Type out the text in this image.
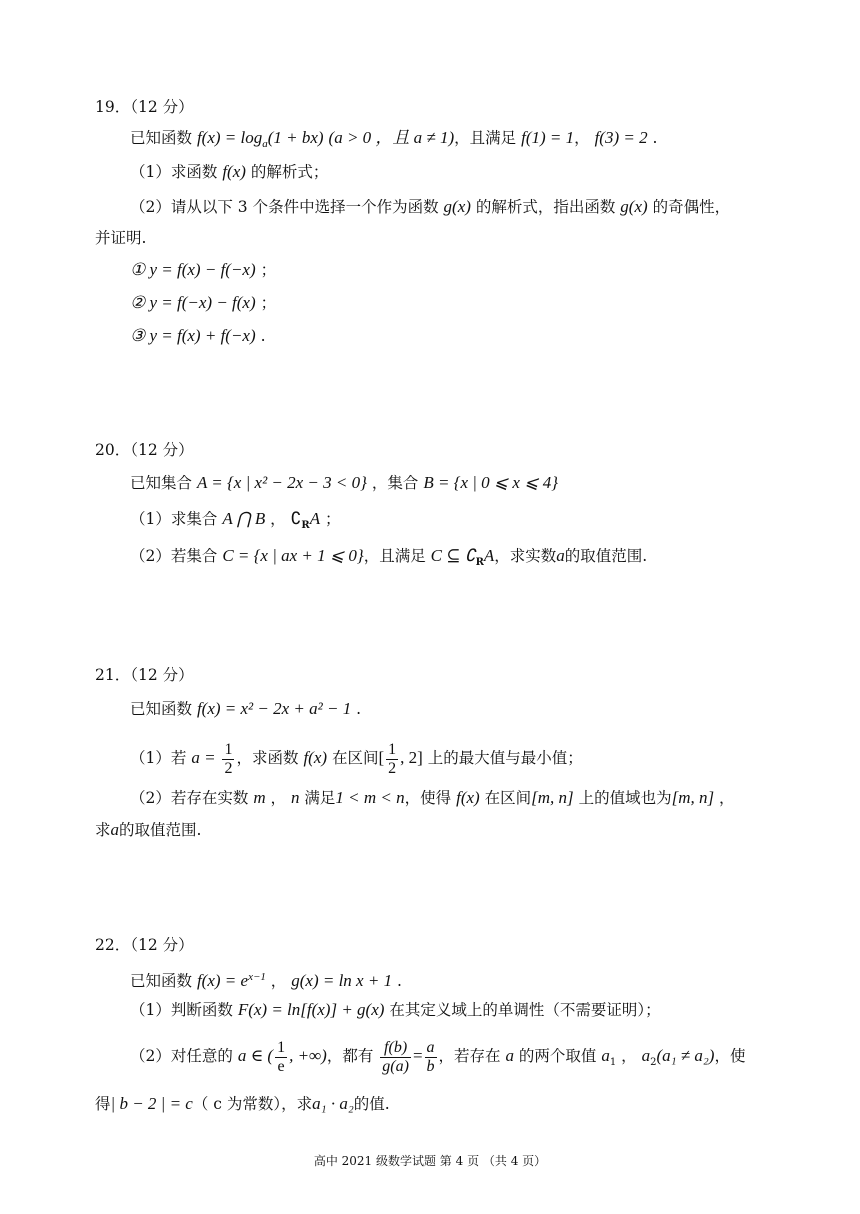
19．（12 分）
已知函数 $f(x) = \log_a(1 + bx) (a > 0$ ，且 a ≠ 1)，且满足 f(1) = 1， f(3) = 2 .
（1）求函数 f(x) 的解析式；
（2）请从以下 3 个条件中选择一个作为函数 g(x) 的解析式，指出函数 g(x) 的奇偶性，
并证明.
① y = f(x) − f(−x) ；
② y = f(−x) − f(x) ；
③ y = f(x) + f(−x) .
20．（12 分）
已知集合 A = {x | x² − 2x − 3 < 0} ，集合 B = {x | 0 ⩽ x ⩽ 4}
（1）求集合 A ⋂ B ， $∁_RA$ ；
（2）若集合 C = {x | ax + 1 ⩽ 0}，且满足 C ⊆ $∁_RA$，求实数a的取值范围.
21．（12 分）
已知函数 f(x) = x² − 2x + a² − 1 .
（1）若 $a = \frac{1}{2}$ ，求函数 f(x) 在区间[ $\frac{1}{2}$ , 2] 上的最大值与最小值；
（2）若存在实数 m ， n 满足1 < m < n，使得 f(x) 在区间[m, n] 上的值域也为[m, n] ，
求a的取值范围.
22．（12 分）
已知函数 $f(x) = e^{x-1}$ ， g(x) = ln x + 1 .
（1）判断函数 F(x) = ln[f(x)] + g(x) 在其定义域上的单调性（不需要证明）；
（2）对任意的 a ∈ ( $\frac{1}{e}$ , +∞)，都有 $\frac{f(b)}{g(a)} = \frac{a}{b}$ ，若存在 a 的两个取值 $a_1$ ， $a_2(a_1 \ne a_2)$，使
得| b − 2 | = c（ c 为常数），求a₁ · a₂的值.
高中 2021 级数学试题 第 4 页 （共 4 页）
